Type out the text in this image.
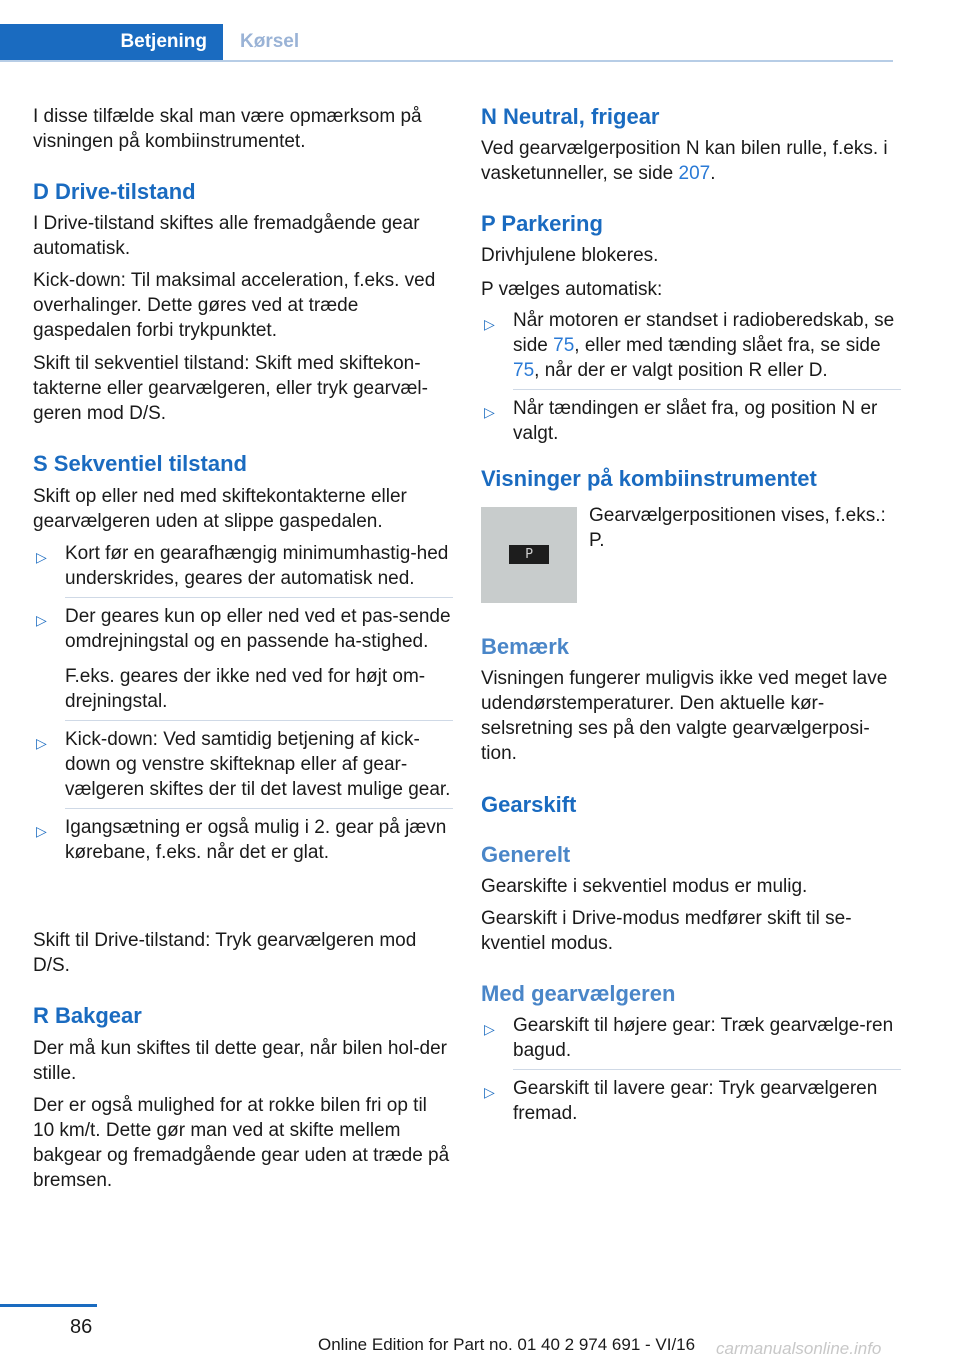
Betjening	Kørsel

I disse tilfælde skal man være opmærksom på visningen på kombiinstrumentet.

D Drive-tilstand

I Drive-tilstand skiftes alle fremadgående gear automatisk.

Kick-down: Til maksimal acceleration, f.eks. ved overhalinger. Dette gøres ved at træde gaspedalen forbi trykpunktet.

Skift til sekventiel tilstand: Skift med skiftekon‐takterne eller gearvælgeren, eller tryk gearvæl‐geren mod D/S.

S Sekventiel tilstand

Skift op eller ned med skiftekontakterne eller gearvælgeren uden at slippe gaspedalen.

▷ Kort før en gearafhængig minimumhastig‐hed underskrides, geares der automatisk ned.
▷ Der geares kun op eller ned ved et pas‐sende omdrejningstal og en passende ha‐stighed.
F.eks. geares der ikke ned ved for højt om‐drejningstal.
▷ Kick-down: Ved samtidig betjening af kick‐down og venstre skifteknap eller af gear‐vælgeren skiftes der til det lavest mulige gear.
▷ Igangsætning er også mulig i 2. gear på jævn kørebane, f.eks. når det er glat.

Skift til Drive-tilstand: Tryk gearvælgeren mod D/S.

R Bakgear

Der må kun skiftes til dette gear, når bilen hol‐der stille.

Der er også mulighed for at rokke bilen fri op til 10 km/t. Dette gør man ved at skifte mellem bakgear og fremadgående gear uden at træde på bremsen.

N Neutral, frigear

Ved gearvælgerposition N kan bilen rulle, f.eks. i vasketunneller, se side 207.

P Parkering

Drivhjulene blokeres.

P vælges automatisk:

▷ Når motoren er standset i radioberedskab, se side 75, eller med tænding slået fra, se side 75, når der er valgt position R eller D.
▷ Når tændingen er slået fra, og position N er valgt.
Visninger på kombiinstrumentet

Gearvælgerpositionen vises, f.eks.: P.

Bemærk

Visningen fungerer muligvis ikke ved meget lave udendørstemperaturer. Den aktuelle kør‐selsretning ses på den valgte gearvælgerposi‐tion.

Gearskift
Generelt

Gearskifte i sekventiel modus er mulig.

Gearskift i Drive-modus medfører skift til se‐kventiel modus.

Med gearvælgeren
▷ Gearskift til højere gear: Træk gearvælge‐ren bagud.
▷ Gearskift til lavere gear: Tryk gearvælgeren fremad.
P
86
Online Edition for Part no. 01 40 2 974 691 - VI/16 carmanualsonline.info
